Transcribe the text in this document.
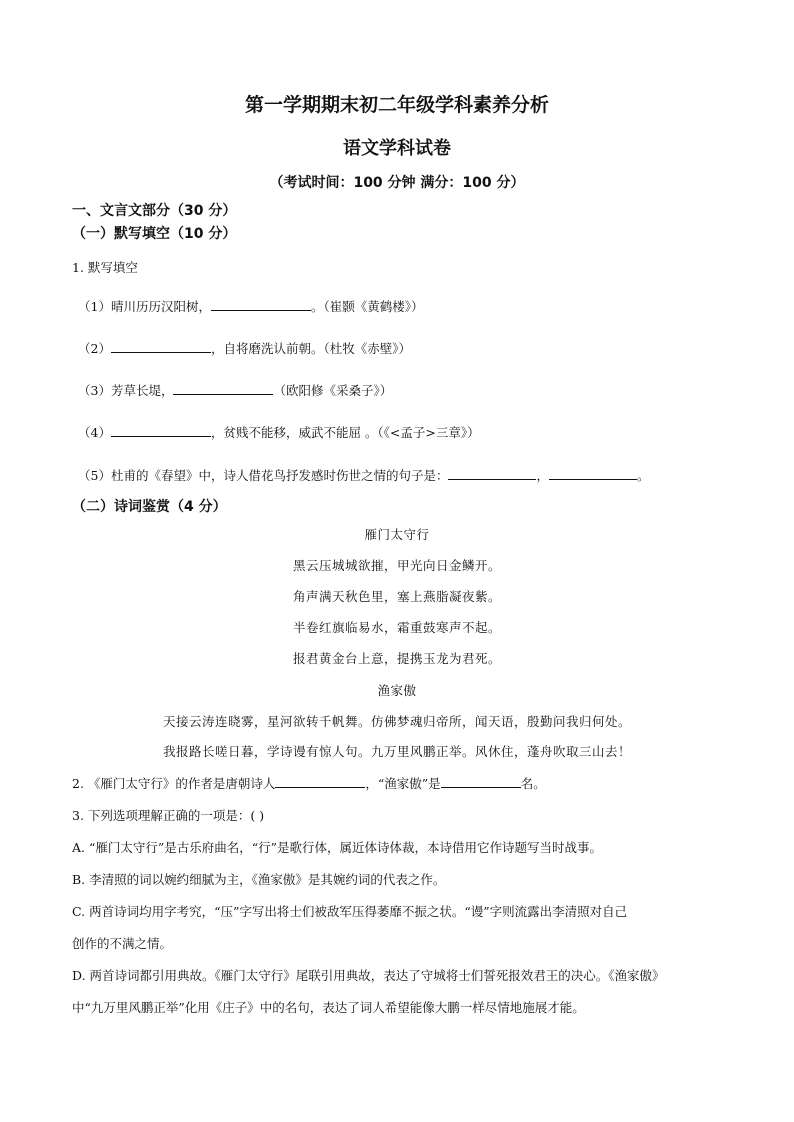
第一学期期末初二年级学科素养分析
语文学科试卷
（考试时间：100 分钟 满分：100 分）
一、文言文部分（30 分）
（一）默写填空（10 分）
1. 默写填空
（1）晴川历历汉阳树，	。（崔颢《黄鹤楼》）
（2）	，自将磨洗认前朝。（杜牧《赤壁》）
（3）芳草长堤，	（欧阳修《采桑子》）
（4）	，贫贱不能移，威武不能屈 。（《<孟子>三章》）
（5）杜甫的《春望》中，诗人借花鸟抒发感时伤世之情的句子是：	，	。
（二）诗词鉴赏（4 分）
雁门太守行
黑云压城城欲摧，甲光向日金鳞开。
角声满天秋色里，塞上燕脂凝夜紫。
半卷红旗临易水，霜重鼓寒声不起。
报君黄金台上意，提携玉龙为君死。
渔家傲
天接云涛连晓雾，星河欲转千帆舞。仿佛梦魂归帝所，闻天语，殷勤问我归何处。
我报路长嗟日暮，学诗谩有惊人句。九万里风鹏正举。风休住，蓬舟吹取三山去！
2. 《雁门太守行》的作者是唐朝诗人	，“渔家傲”是	名。
3. 下列选项理解正确的一项是：( )
A. “雁门太守行”是古乐府曲名，“行”是歌行体，属近体诗体裁，本诗借用它作诗题写当时战事。
B. 李清照的词以婉约细腻为主，《渔家傲》是其婉约词的代表之作。
C. 两首诗词均用字考究，“压”字写出将士们被敌军压得萎靡不振之状。“谩”字则流露出李清照对自己
创作的不满之情。
D. 两首诗词都引用典故。《雁门太守行》尾联引用典故，表达了守城将士们誓死报效君王的决心。《渔家傲》
中“九万里风鹏正举”化用《庄子》中的名句，表达了词人希望能像大鹏一样尽情地施展才能。
